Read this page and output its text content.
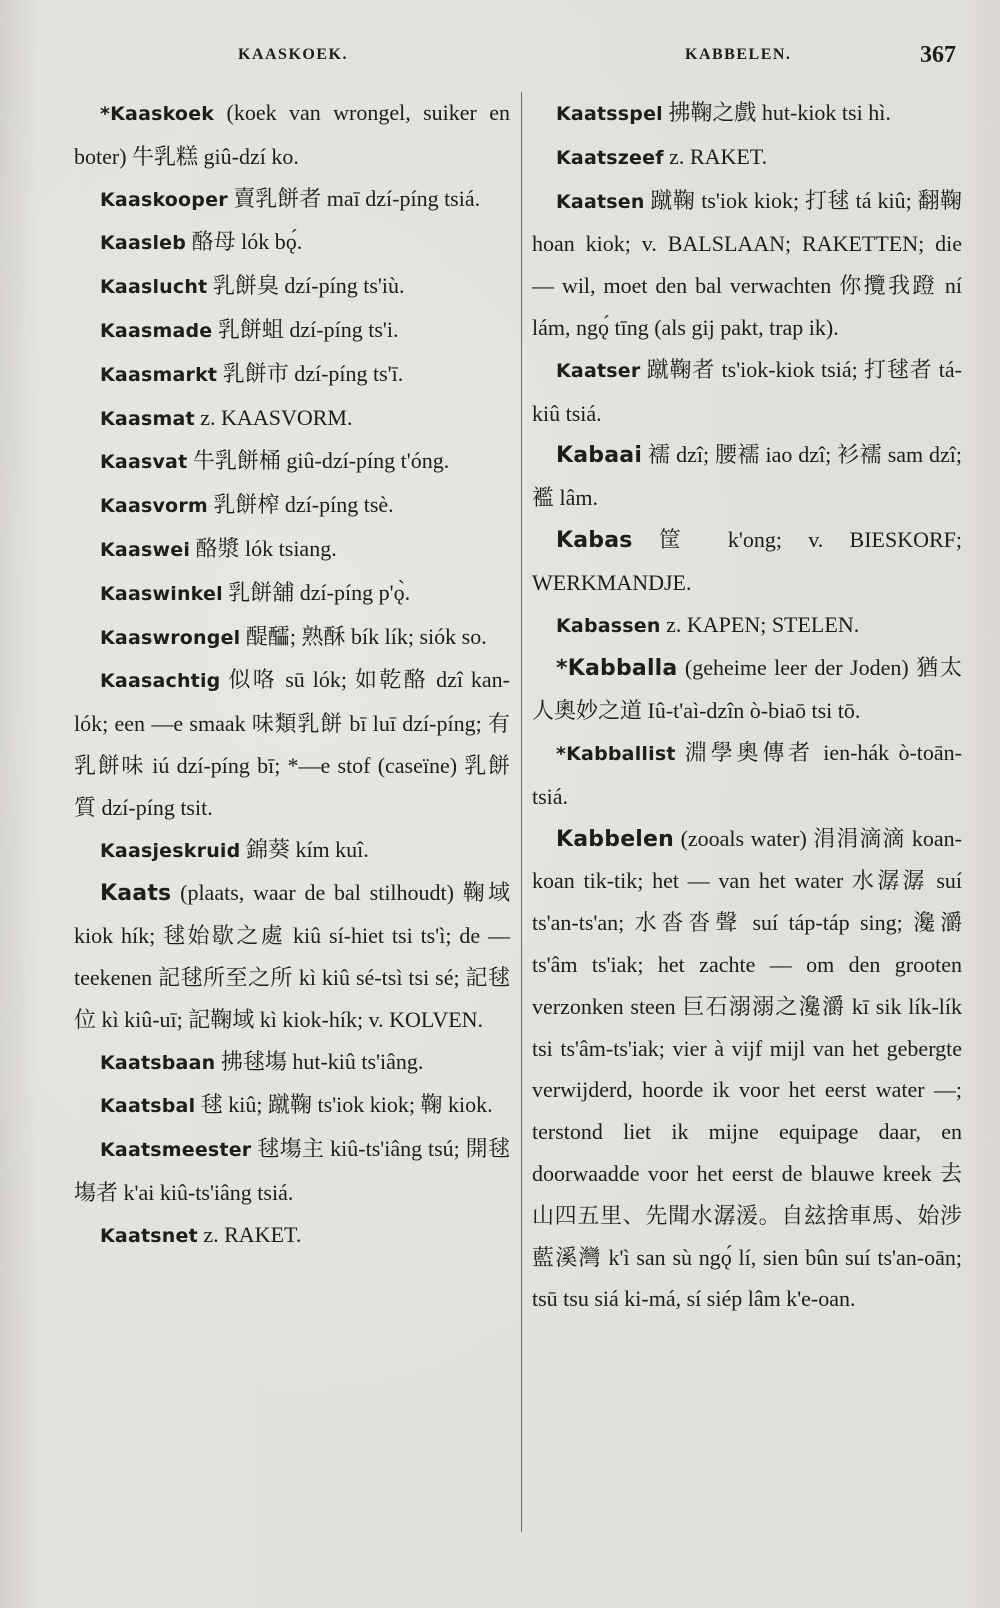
KAASKOEK.	KABBELEN.	367

*Kaaskoek (koek van wrongel, suiker en boter) 牛乳糕 giû-dzí ko.

Kaaskooper 賣乳餅者 maī dzí-píng tsiá.

Kaasleb 酪母 lók bǫ́.

Kaaslucht 乳餅臭 dzí-píng ts'iù.

Kaasmade 乳餅蛆 dzí-píng ts'i.

Kaasmarkt 乳餅市 dzí-píng ts'ī.

Kaasmat z. KAASVORM.

Kaasvat 牛乳餅桶 giû-dzí-píng t'óng.

Kaasvorm 乳餅榨 dzí-píng tsè.

Kaaswei 酪漿 lók tsiang.

Kaaswinkel 乳餅舖 dzí-píng p'ǫ̀.

Kaaswrongel 醍醽; 熟酥 bík lík; siók so.

Kaasachtig 似咯 sū lók; 如乾酪 dzî kan-lók; een —e smaak 味類乳餅 bī luī dzí-píng; 有乳餅味 iú dzí-píng bī; *—e stof (caseïne) 乳餅質 dzí-píng tsit.

Kaasjeskruid 錦葵 kím kuî.

Kaats (plaats, waar de bal stilhoudt) 鞠域 kiok hík; 毬始歇之處 kiû sí-hiet tsi ts'ì; de — teekenen 記毬所至之所 kì kiû sé-tsì tsi sé; 記毬位 kì kiû-uī; 記鞠域 kì kiok-hík; v. KOLVEN.

Kaatsbaan 拂毬塲 hut-kiû ts'iâng.

Kaatsbal 毬 kiû; 蹴鞠 ts'iok kiok; 鞠 kiok.

Kaatsmeester 毬塲主 kiû-ts'iâng tsú; 開毬塲者 k'ai kiû-ts'iâng tsiá.

Kaatsnet z. RAKET.

Kaatsspel 拂鞠之戲 hut-kiok tsi hì.

Kaatszeef z. RAKET.

Kaatsen 蹴鞠 ts'iok kiok; 打毬 tá kiû; 翻鞠 hoan kiok; v. BALSLAAN; RAKETTEN; die — wil, moet den bal verwachten 你攬我蹬 ní lám, ngǫ́ tīng (als gij pakt, trap ik).

Kaatser 蹴鞠者 ts'iok-kiok tsiá; 打毬者 tá-kiû tsiá.

Kabaai 襦 dzî; 腰襦 iao dzî; 衫襦 sam dzî; 襤 lâm.

Kabas 筐 k'ong; v. BIESKORF; WERKMANDJE.

Kabassen z. KAPEN; STELEN.

*Kabballa (geheime leer der Joden) 猶太人奧妙之道 Iû-t'aì-dzîn ò-biaō tsi tō.

*Kabballist 淵學奧傳者 ien-hák ò-toān-tsiá.

Kabbelen (zooals water) 涓涓滴滴 koan-koan tik-tik; het — van het water 水潺潺 suí ts'an-ts'an; 水沓沓聲 suí táp-táp sing; 瀺灂 ts'âm ts'iak; het zachte — om den grooten verzonken steen 巨石溺溺之瀺灂 kī sik lík-lík tsi ts'âm-ts'iak; vier à vijf mijl van het gebergte verwijderd, hoorde ik voor het eerst water —; terstond liet ik mijne equipage daar, en doorwaadde voor het eerst de blauwe kreek 去山四五里、先聞水潺湲。自玆捨車馬、始涉藍溪灣 k'ì san sù ngǫ́ lí, sien bûn suí ts'an-oān; tsū tsu siá ki-má, sí siép lâm k'e-oan.
